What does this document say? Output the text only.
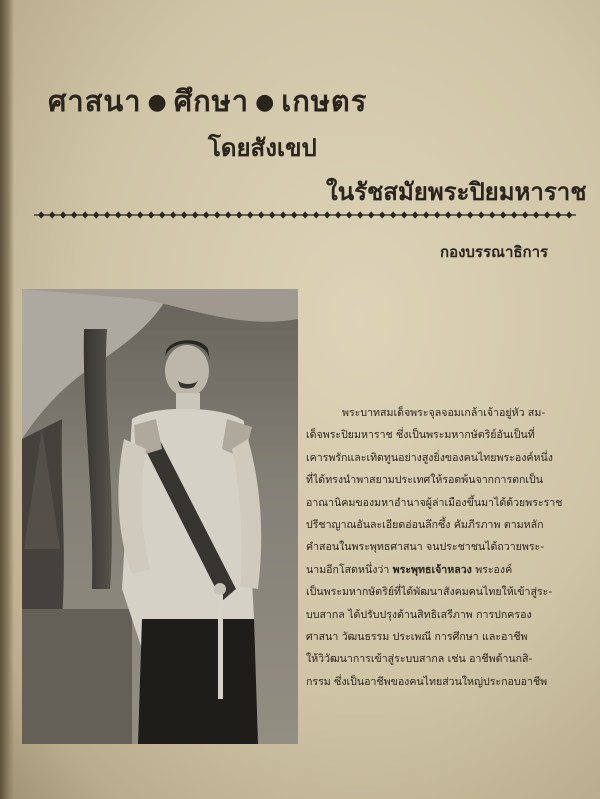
ศาสนา ● ศึกษา ● เกษตร
โดยสังเขป
ในรัชสมัยพระปิยมหาราช
กองบรรณาธิการ
พระบาทสมเด็จพระจุลจอมเกล้าเจ้าอยู่หัว สม-
เด็จพระปิยมหาราช ซึ่งเป็นพระมหากษัตริย์อันเป็นที่
เคารพรักและเทิดทูนอย่างสูงยิ่งของคนไทยพระองค์หนึ่ง
ที่ได้ทรงนำพาสยามประเทศให้รอดพ้นจากการตกเป็น
อาณานิคมของมหาอำนาจผู้ล่าเมืองขึ้นมาได้ด้วยพระราช
ปรีชาญาณอันละเอียดอ่อนลึกซึ้ง คัมภีรภาพ ตามหลัก
คำสอนในพระพุทธศาสนา จนประชาชนได้ถวายพระ-
นามอีกโสดหนึ่งว่า พระพุทธเจ้าหลวง พระองค์
เป็นพระมหากษัตริย์ที่ได้พัฒนาสังคมคนไทยให้เข้าสู่ระ-
บบสากล ได้ปรับปรุงด้านสิทธิเสรีภาพ การปกครอง
ศาสนา วัฒนธรรม ประเพณี การศึกษา และอาชีพ
ให้วิวัฒนาการเข้าสู่ระบบสากล เช่น อาชีพด้านกสิ-
กรรม ซึ่งเป็นอาชีพของคนไทยส่วนใหญ่ประกอบอาชีพ
